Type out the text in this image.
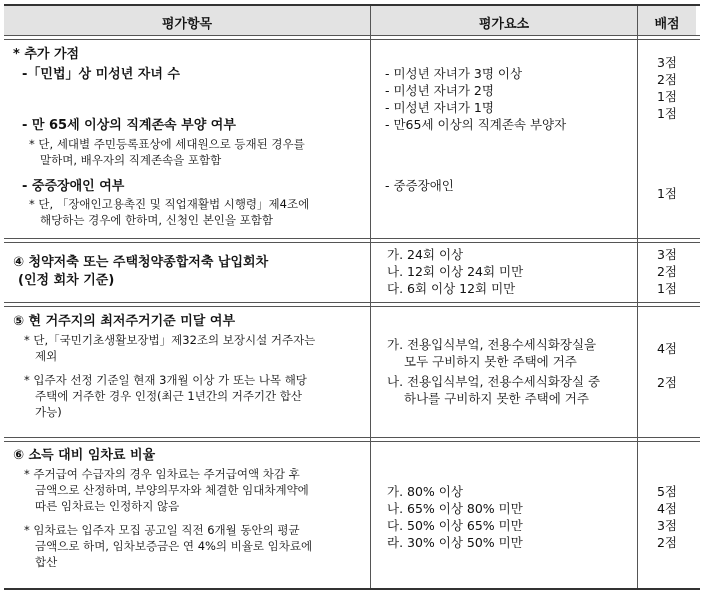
평가항목	평가요소	배점
* 추가 가점
-「민법」상 미성년 자녀 수
- 만 65세 이상의 직계존속 부양 여부
* 단, 세대별 주민등록표상에 세대원으로 등재된 경우를
말하며, 배우자의 직계존속을 포함함
- 중증장애인 여부
* 단, 「장애인고용촉진 및 직업재활법 시행령」제4조에
해당하는 경우에 한하며, 신청인 본인을 포함함
- 미성년 자녀가 3명 이상
- 미성년 자녀가 2명
- 미성년 자녀가 1명
- 만65세 이상의 직계존속 부양자
- 중증장애인
3점
2점
1점
1점
1점
④ 청약저축 또는 주택청약종합저축 납입회차
(인정 회차 기준)
가. 24회 이상
나. 12회 이상 24회 미만
다. 6회 이상 12회 미만
3점
2점
1점
⑤ 현 거주지의 최저주거기준 미달 여부
* 단,「국민기초생활보장법」제32조의 보장시설 거주자는
제외
* 입주자 선정 기준일 현재 3개월 이상 가 또는 나목 해당
주택에 거주한 경우 인정(최근 1년간의 거주기간 합산
가능)
가. 전용입식부엌, 전용수세식화장실을
모두 구비하지 못한 주택에 거주
나. 전용입식부엌, 전용수세식화장실 중
하나를 구비하지 못한 주택에 거주
4점
2점
⑥ 소득 대비 임차료 비율
* 주거급여 수급자의 경우 임차료는 주거급여액 차감 후
금액으로 산정하며, 부양의무자와 체결한 임대차계약에
따른 임차료는 인정하지 않음
* 임차료는 입주자 모집 공고일 직전 6개월 동안의 평균
금액으로 하며, 임차보증금은 연 4%의 비율로 임차료에
합산
가. 80% 이상
나. 65% 이상 80% 미만
다. 50% 이상 65% 미만
라. 30% 이상 50% 미만
5점
4점
3점
2점
